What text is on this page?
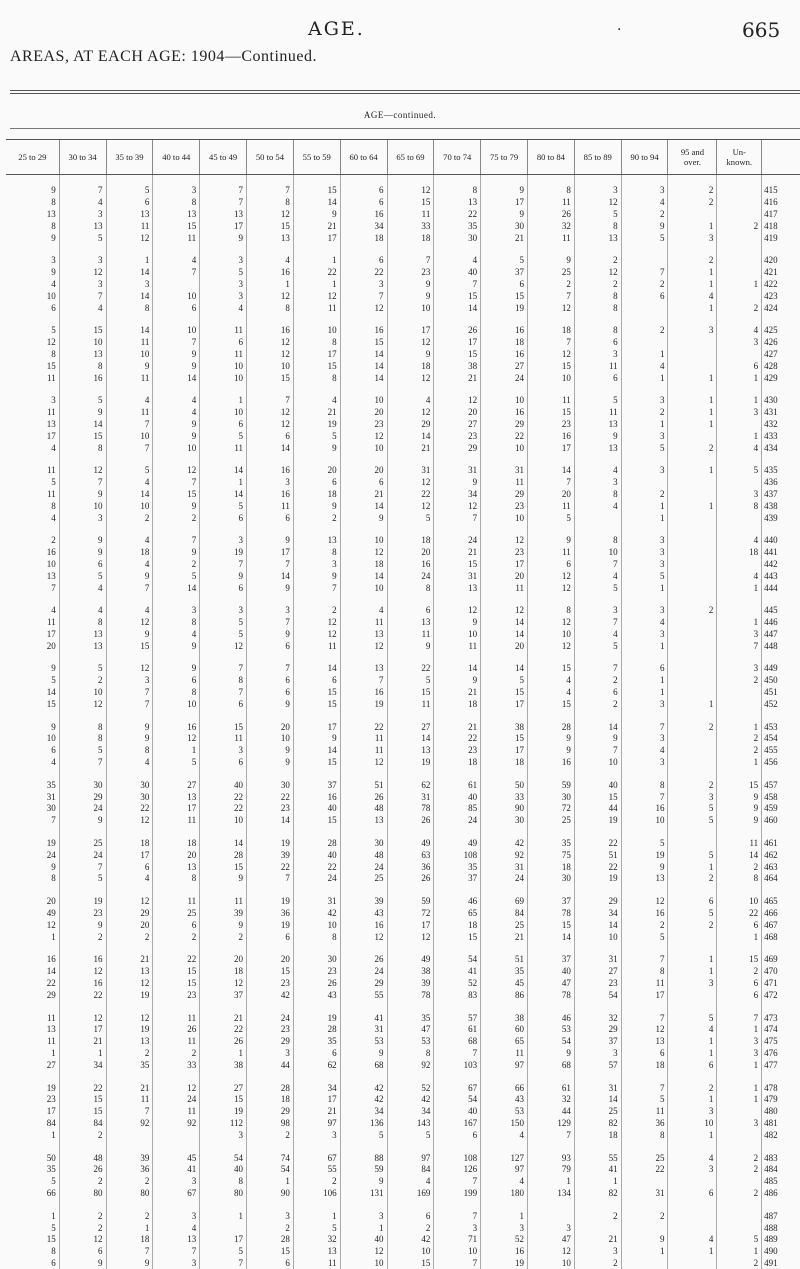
AREAS, AT EACH AGE: 1904—Continued.
AGE.	·	665
AGE—continued.
25 to 29	30 to 34	35 to 39	40 to 44	45 to 49	50 to 54	55 to 59	60 to 64	65 to 69	70 to 74	75 to 79	80 to 84	85 to 89	90 to 94	95 and
over.	Un-
known.	
9	7	5	3	7	7	15	6	12	8	9	8	3	3	2		415
8	4	6	8	7	8	14	6	15	13	17	11	12	4	2		416
13	3	13	13	13	12	9	16	11	22	9	26	5	2			417
8	13	11	15	17	15	21	34	33	35	30	32	8	9	1	2	418
9	5	12	11	9	13	17	18	18	30	21	11	13	5	3		419

3	3	1	4	3	4	1	6	7	4	5	9	2		2		420
9	12	14	7	5	16	22	22	23	40	37	25	12	7	1		421
4	3	3		3	1	1	3	9	7	6	2	2	2	1	1	422
10	7	14	10	3	12	12	7	9	15	15	7	8	6	4		423
6	4	8	6	4	8	11	12	10	14	19	12	8		1	2	424

5	15	14	10	11	16	10	16	17	26	16	18	8	2	3	4	425
12	10	11	7	6	12	8	15	12	17	18	7	6			3	426
8	13	10	9	11	12	17	14	9	15	16	12	3	1			427
15	8	9	9	10	10	15	14	18	38	27	15	11	4		6	428
11	16	11	14	10	15	8	14	12	21	24	10	6	1	1	1	429

3	5	4	4	1	7	4	10	4	12	10	11	5	3	1	1	430
11	9	11	4	10	12	21	20	12	20	16	15	11	2	1	3	431
13	14	7	9	6	12	19	23	29	27	29	23	13	1	1		432
17	15	10	9	5	6	5	12	14	23	22	16	9	3		1	433
4	8	7	10	11	14	9	10	21	29	10	17	13	5	2	4	434

11	12	5	12	14	16	20	20	31	31	31	14	4	3	1	5	435
5	7	4	7	1	3	6	6	12	9	11	7	3				436
11	9	14	15	14	16	18	21	22	34	29	20	8	2		3	437
8	10	10	9	5	11	9	14	12	12	23	11	4	1	1	8	438
4	3	2	2	6	6	2	9	5	7	10	5		1			439

2	9	4	7	3	9	13	10	18	24	12	9	8	3		4	440
16	9	18	9	19	17	8	12	20	21	23	11	10	3		18	441
10	6	4	2	7	7	3	18	16	15	17	6	7	3			442
13	5	9	5	9	14	9	14	24	31	20	12	4	5		4	443
7	4	7	14	6	9	7	10	8	13	11	12	5	1		1	444

4	4	4	3	3	3	2	4	6	12	12	8	3	3	2		445
11	8	12	8	5	7	12	11	13	9	14	12	7	4		1	446
17	13	9	4	5	9	12	13	11	10	14	10	4	3		3	447
20	13	15	9	12	6	11	12	9	11	20	12	5	1		7	448

9	5	12	9	7	7	14	13	22	14	14	15	7	6		3	449
5	2	3	6	8	6	6	7	5	9	5	4	2	1		2	450
14	10	7	8	7	6	15	16	15	21	15	4	6	1			451
15	12	7	10	6	9	15	19	11	18	17	15	2	3	1		452

9	8	9	16	15	20	17	22	27	21	38	28	14	7	2	1	453
10	8	9	12	11	10	9	11	14	22	15	9	9	3		2	454
6	5	8	1	3	9	14	11	13	23	17	9	7	4		2	455
4	7	4	5	6	9	15	12	19	18	18	16	10	3		1	456

35	30	30	27	40	30	37	51	62	61	50	59	40	8	2	15	457
31	29	30	13	22	22	16	26	31	40	33	30	15	7	3	9	458
30	24	22	17	22	23	40	48	78	85	90	72	44	16	5	9	459
7	9	12	11	10	14	15	13	26	24	30	25	19	10	5	9	460

19	25	18	18	14	19	28	30	49	49	42	35	22	5		11	461
24	24	17	20	28	39	40	48	63	108	92	75	51	19	5	14	462
9	7	6	13	15	22	22	24	36	35	31	18	22	9	1	2	463
8	5	4	8	9	7	24	25	26	37	24	30	19	13	2	8	464

20	19	12	11	11	19	31	39	59	46	69	37	29	12	6	10	465
49	23	29	25	39	36	42	43	72	65	84	78	34	16	5	22	466
12	9	20	6	9	19	10	16	17	18	25	15	14	2	2	6	467
1	2	2	2	2	6	8	12	12	15	21	14	10	5		1	468

16	16	21	22	20	20	30	26	49	54	51	37	31	7	1	15	469
14	12	13	15	18	15	23	24	38	41	35	40	27	8	1	2	470
22	16	12	15	12	23	26	29	39	52	45	47	23	11	3	6	471
29	22	19	23	37	42	43	55	78	83	86	78	54	17		6	472

11	12	12	11	21	24	19	41	35	57	38	46	32	7	5	7	473
13	17	19	26	22	23	28	31	47	61	60	53	29	12	4	1	474
11	21	13	11	26	29	35	53	53	68	65	54	37	13	1	3	475
1	1	2	2	1	3	6	9	8	7	11	9	3	6	1	3	476
27	34	35	33	38	44	62	68	92	103	97	68	57	18	6	1	477

19	22	21	12	27	28	34	42	52	67	66	61	31	7	2	1	478
23	15	11	24	15	18	17	42	42	54	43	32	14	5	1	1	479
17	15	7	11	19	29	21	34	34	40	53	44	25	11	3		480
84	84	92	92	112	98	97	136	143	167	150	129	82	36	10	3	481
1	2			3	2	3	5	5	6	4	7	18	8	1		482

50	48	39	45	54	74	67	88	97	108	127	93	55	25	4	2	483
35	26	36	41	40	54	55	59	84	126	97	79	41	22	3	2	484
5	2	2	3	8	1	2	9	4	7	4	1	1				485
66	80	80	67	80	90	106	131	169	199	180	134	82	31	6	2	486

1	2	2	3	1	3	1	3	6	7	1		2	2			487
5	2	1	4		2	5	1	2	3	3	3					488
15	12	18	13	17	28	32	40	42	71	52	47	21	9	4	5	489
8	6	7	7	5	15	13	12	10	10	16	12	3	1	1	1	490
6	9	9	3	7	6	11	10	15	7	19	10	2			2	491
